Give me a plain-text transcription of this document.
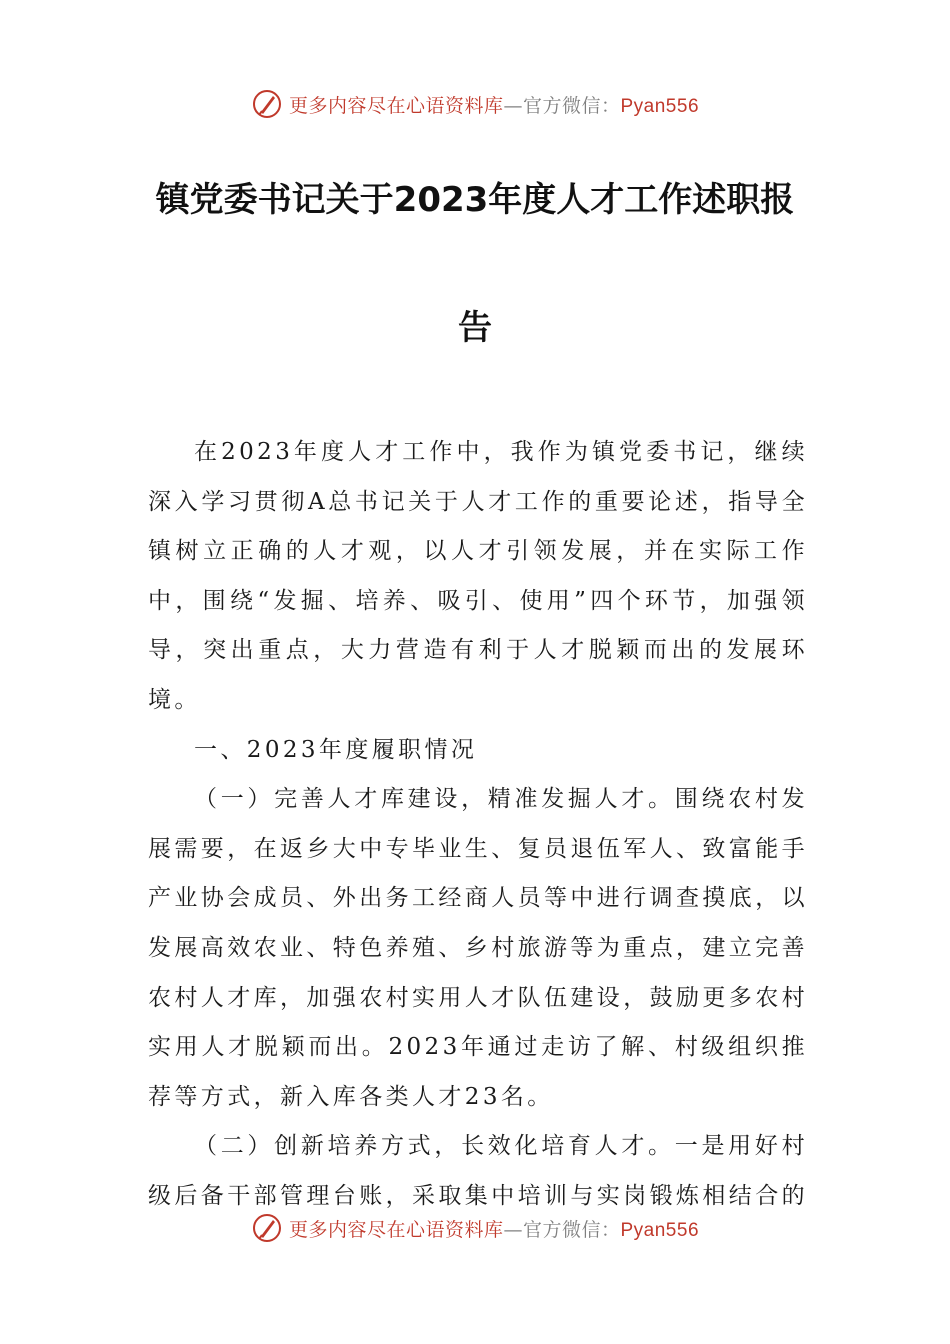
更多内容尽在心语资料库—官方微信：Pyan556
镇党委书记关于2023年度人才工作述职报
告

在2023年度人才工作中，我作为镇党委书记，继续深入学习贯彻A总书记关于人才工作的重要论述，指导全镇树立正确的人才观，以人才引领发展，并在实际工作中，围绕“发掘、培养、吸引、使用”四个环节，加强领导，突出重点，大力营造有利于人才脱颖而出的发展环境。

一、2023年度履职情况

（一）完善人才库建设，精准发掘人才。围绕农村发展需要，在返乡大中专毕业生、复员退伍军人、致富能手产业协会成员、外出务工经商人员等中进行调查摸底，以发展高效农业、特色养殖、乡村旅游等为重点，建立完善农村人才库，加强农村实用人才队伍建设，鼓励更多农村实用人才脱颖而出。2023年通过走访了解、村级组织推荐等方式，新入库各类人才23名。

（二）创新培养方式，长效化培育人才。一是用好村级后备干部管理台账，采取集中培训与实岗锻炼相结合的

更多内容尽在心语资料库—官方微信：Pyan556
